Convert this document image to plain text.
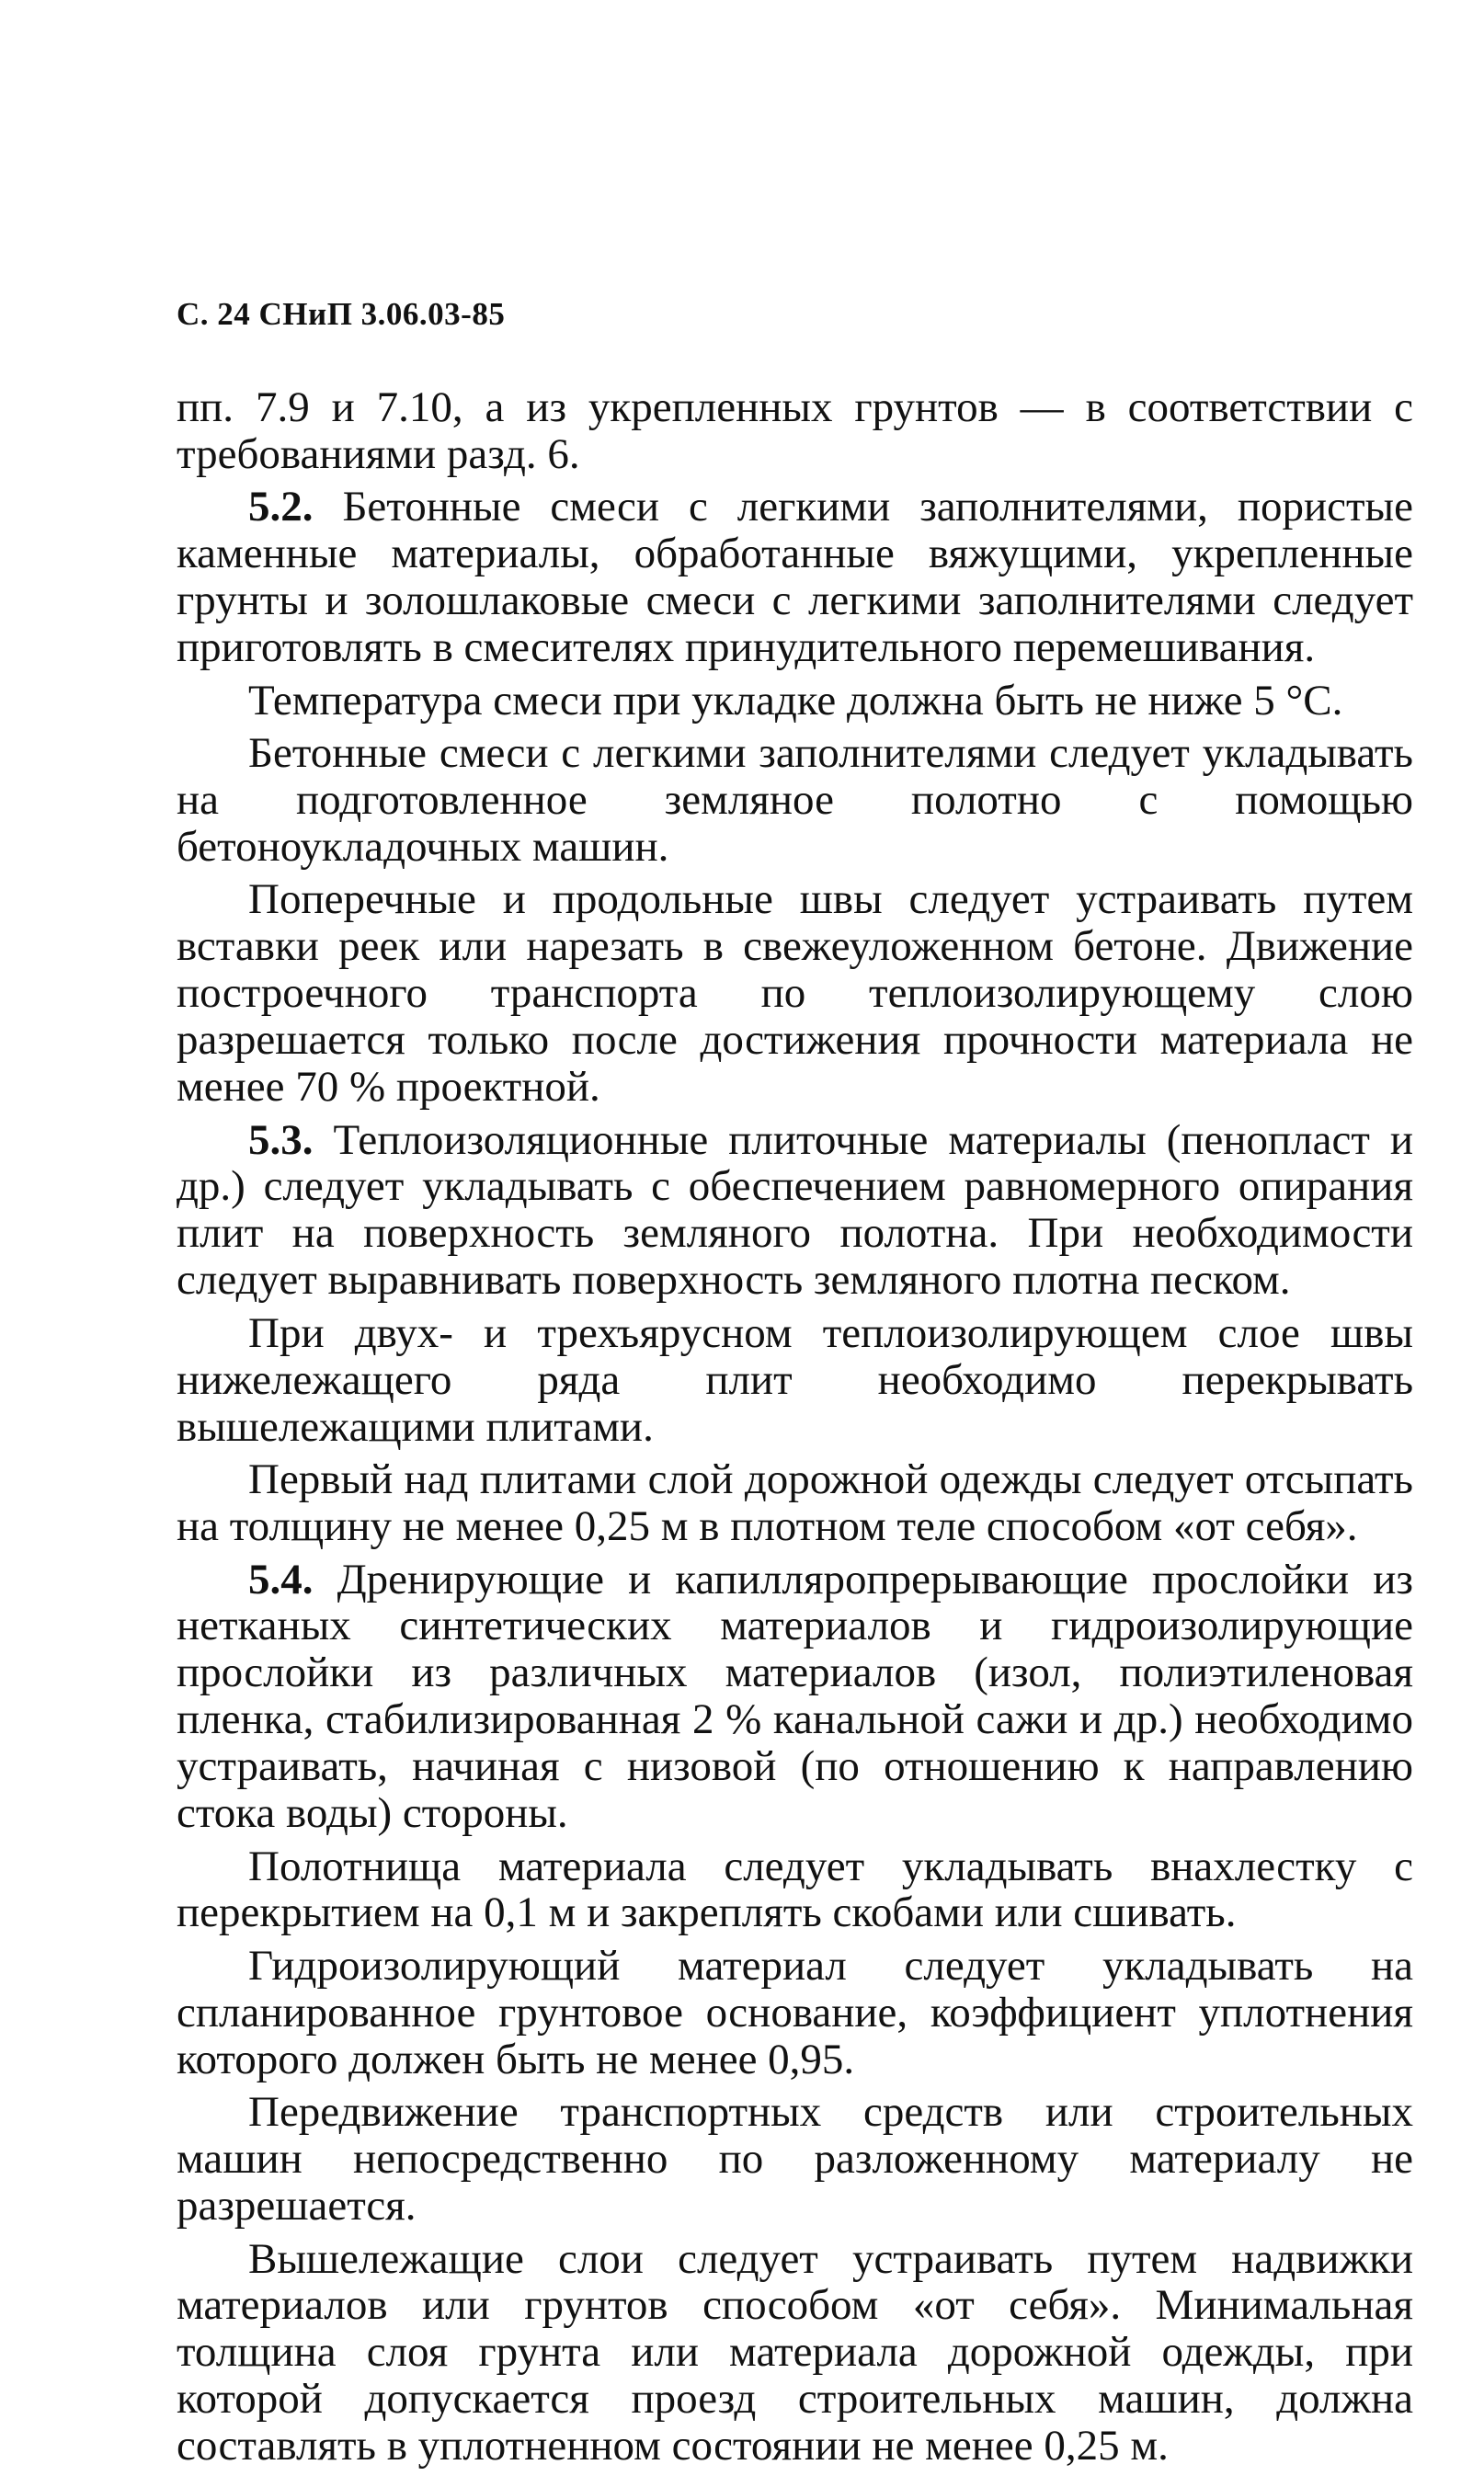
С. 24 СНиП 3.06.03-85

пп. 7.9 и 7.10, а из укрепленных грунтов — в соответствии с требованиями разд. 6.

5.2. Бетонные смеси с легкими заполнителями, пористые каменные материалы, обработанные вяжущими, укрепленные грунты и золошлаковые смеси с легкими заполнителями следует приготовлять в смесителях принудительного перемешивания.

Температура смеси при укладке должна быть не ниже 5 °С.

Бетонные смеси с легкими заполнителями следует укладывать на подготовленное земляное полотно с помощью бетоноукладочных машин.

Поперечные и продольные швы следует устраивать путем вставки реек или нарезать в свежеуложенном бетоне. Движение построечного транспорта по теплоизолирующему слою разрешается только после достижения прочности материала не менее 70 % проектной.

5.3. Теплоизоляционные плиточные материалы (пенопласт и др.) следует укладывать с обеспечением равномерного опирания плит на поверхность земляного полотна. При необходимости следует выравнивать поверхность земляного плотна песком.

При двух- и трехъярусном теплоизолирующем слое швы нижележащего ряда плит необходимо перекрывать вышележащими плитами.

Первый над плитами слой дорожной одежды следует отсыпать на толщину не менее 0,25 м в плотном теле способом «от себя».

5.4. Дренирующие и капилляропрерывающие прослойки из нетканых синтетических материалов и гидроизолирующие прослойки из различных материалов (изол, полиэтиленовая пленка, стабилизированная 2 % канальной сажи и др.) необходимо устраивать, начиная с низовой (по отношению к направлению стока воды) стороны.

Полотнища материала следует укладывать внахлестку с перекрытием на 0,1 м и закреплять скобами или сшивать.

Гидроизолирующий материал следует укладывать на спланированное грунтовое основание, коэффициент уплотнения которого должен быть не менее 0,95.

Передвижение транспортных средств или строительных машин непосредственно по разложенному материалу не разрешается.

Вышележащие слои следует устраивать путем надвижки материалов или грунтов способом «от себя». Минимальная толщина слоя грунта или материала дорожной одежды, при которой допускается проезд строительных машин, должна составлять в уплотненном состоянии не менее 0,25 м.
